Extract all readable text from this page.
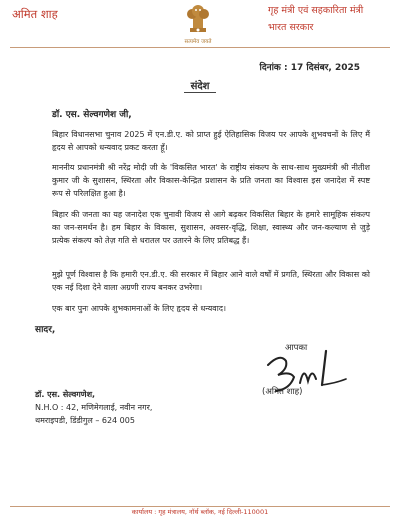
अमित शाह
सत्यमेव जयते
गृह मंत्री एवं सहकारिता मंत्री
भारत सरकार
दिनांक : 17 दिसंबर, 2025
संदेश
डॉ. एस. सेल्वगणेश जी,
बिहार विधानसभा चुनाव 2025 में एन.डी.ए. को प्राप्त हुई ऐतिहासिक विजय पर आपके शुभवचनों के लिए मैं हृदय से आपको धन्यवाद प्रकट करता हूँ।
माननीय प्रधानमंत्री श्री नरेंद्र मोदी जी के 'विकसित भारत' के राष्ट्रीय संकल्प के साथ-साथ मुख्यमंत्री श्री नीतीश कुमार जी के सुशासन, स्थिरता और विकास-केन्द्रित प्रशासन के प्रति जनता का विश्वास इस जनादेश में स्पष्ट रूप से परिलक्षित हुआ है।
बिहार की जनता का यह जनादेश एक चुनावी विजय से आगे बढ़कर विकसित बिहार के हमारे सामूहिक संकल्प का जन-समर्थन है। हम बिहार के विकास, सुशासन, अवसर-वृद्धि, शिक्षा, स्वास्थ्य और जन-कल्याण से जुड़े प्रत्येक संकल्प को तेज़ गति से धरातल पर उतारने के लिए प्रतिबद्ध हैं।
मुझे पूर्ण विश्वास है कि हमारी एन.डी.ए. की सरकार में बिहार आने वाले वर्षों में प्रगति, स्थिरता और विकास को एक नई दिशा देने वाला अग्रणी राज्य बनकर उभरेगा।
एक बार पुनः आपके शुभकामनाओं के लिए हृदय से धन्यवाद।
सादर,
आपका
(अमित शाह)
डॉ. एस. सेल्वगणेश,
N.H.O : 42, मणिमेगलाई, नवीन नगर,
थमराइपडी, डिंडीगुल – 624 005
कार्यालय : गृह मंत्रालय, नॉर्थ ब्लॉक, नई दिल्ली-110001
